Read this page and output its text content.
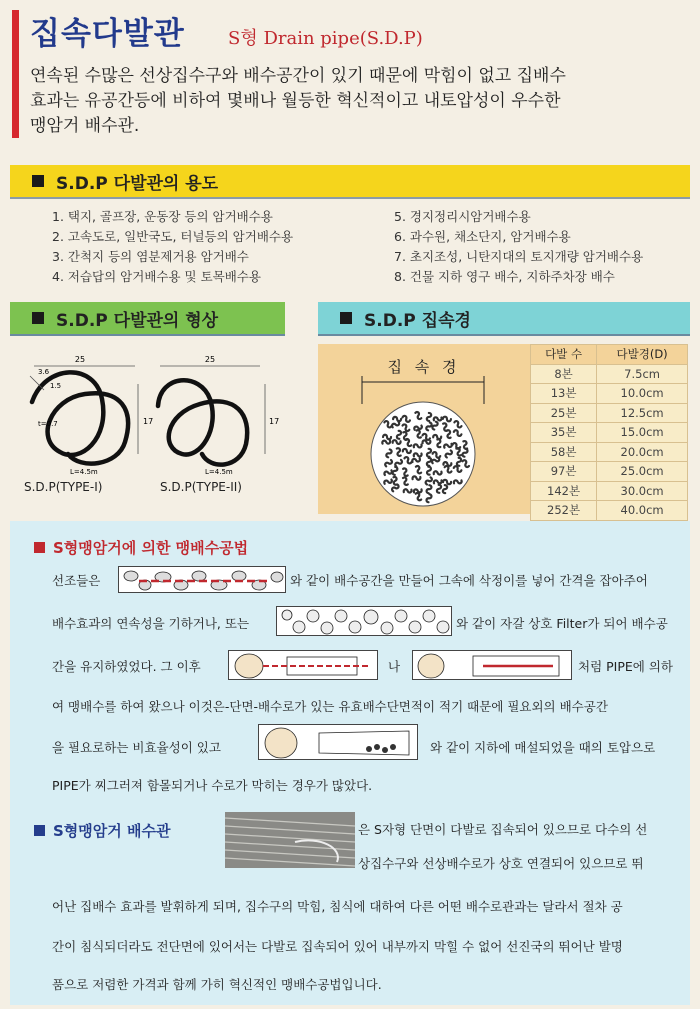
집속다발관 S형 Drain pipe(S.D.P)
연속된 수많은 선상집수구와 배수공간이 있기 때문에 막힘이 없고 집배수
효과는 유공간등에 비하여 몇배나 월등한 혁신적이고 내토압성이 우수한
맹암거 배수관.
S.D.P 다발관의 용도
1. 택지, 골프장, 운동장 등의 암거배수용
2. 고속도로, 일반국도, 터널등의 암거배수용
3. 간척지 등의 염분제거용 암거배수
4. 저습답의 암거배수용 및 토목배수용
5. 경지정리시암거배수용
6. 과수원, 채소단지, 암거배수용
7. 초지조성, 니탄지대의 토지개량 암거배수용
8. 건물 지하 영구 배수, 지하주차장 배수
S.D.P 다발관의 형상
25
17
t=0.7
1.5
3.6
L=4.5m
25
17
L=4.5m
S.D.P(TYPE-I)	S.D.P(TYPE-II)
S.D.P 집속경
집 속 경
다발 수	다발경(D)
8본	7.5cm
13본	10.0cm
25본	12.5cm
35본	15.0cm
58본	20.0cm
97본	25.0cm
142본	30.0cm
252본	40.0cm
S형맹암거에 의한 맹배수공법
선조들은	와 같이 배수공간을 만들어 그속에 삭정이를 넣어 간격을 잡아주어
배수효과의 연속성을 기하거나, 또는	와 같이 자갈 상호 Filter가 되어 배수공
간을 유지하였었다. 그 이후	나	처럼 PIPE에 의하
여 맹배수를 하여 왔으나 이것은-단면-배수로가 있는 유효배수단면적이 적기 때문에 필요외의 배수공간
을 필요로하는 비효율성이 있고	와 같이 지하에 매설되었을 때의 토압으로
PIPE가 찌그러져 함몰되거나 수로가 막히는 경우가 많았다.
S형맹암거 배수관	은 S자형 단면이 다발로 집속되어 있으므로 다수의 선
상집수구와 선상배수로가 상호 연결되어 있으므로 뛰
어난 집배수 효과를 발휘하게 되며, 집수구의 막힘, 침식에 대하여 다른 어떤 배수로관과는 달라서 절차 공
간이 침식되더라도 전단면에 있어서는 다발로 집속되어 있어 내부까지 막힐 수 없어 선진국의 뛰어난 발명
품으로 저렴한 가격과 함께 가히 혁신적인 맹배수공법입니다.
